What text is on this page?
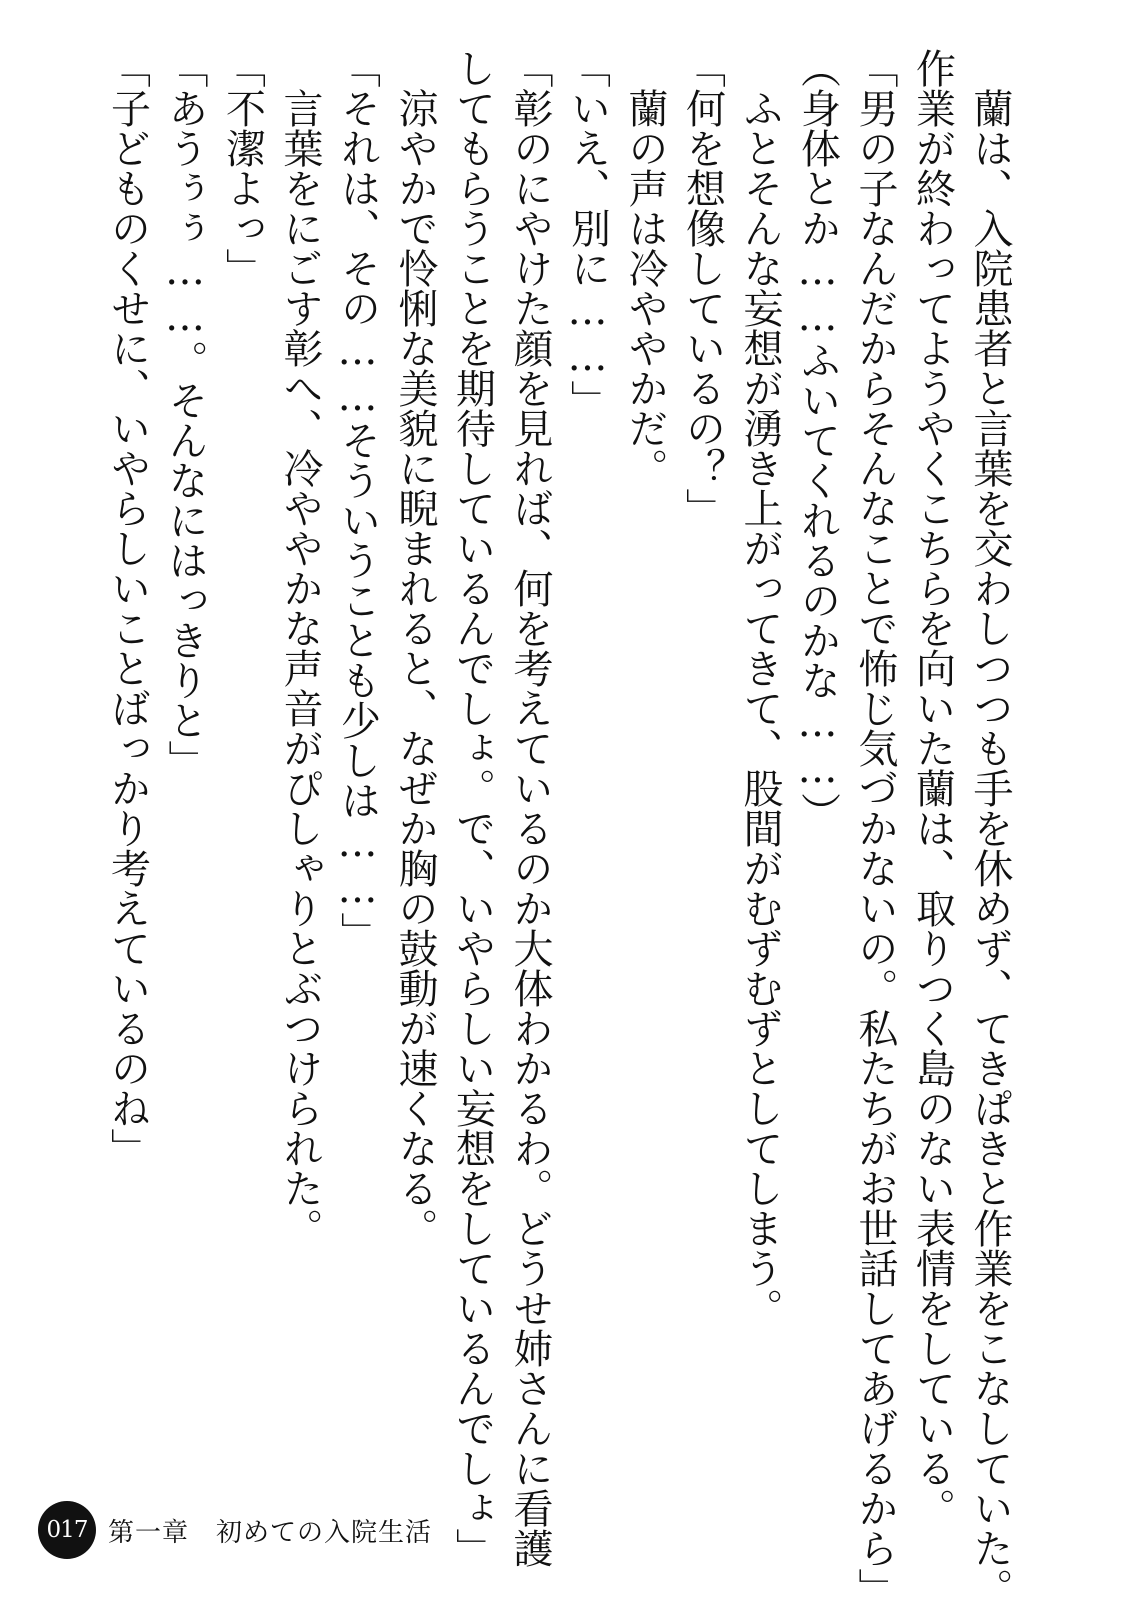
　蘭は、入院患者と言葉を交わしつつも手を休めず、てきぱきと作業をこなしていた。
作業が終わってようやくこちらを向いた蘭は、取りつく島のない表情をしている。
「男の子なんだからそんなことで怖じ気づかないの。私たちがお世話してあげるから」
（身体とか……ふいてくれるのかな……）
　ふとそんな妄想が湧き上がってきて、股間がむずむずとしてしまう。
「何を想像しているの？」
　蘭の声は冷ややかだ。
「いえ、別に……」
「彰のにやけた顔を見れば、何を考えているのか大体わかるわ。どうせ姉さんに看護
してもらうことを期待しているんでしょ。で、いやらしい妄想をしているんでしょ」
　涼やかで怜悧な美貌に睨まれると、なぜか胸の鼓動が速くなる。
「それは、その……そういうことも少しは……」
　言葉をにごす彰へ、冷ややかな声音がぴしゃりとぶつけられた。
「不潔よっ」
「あうぅぅ……。そんなにはっきりと」
「子どものくせに、いやらしいことばっかり考えているのね」
017 第一章　初めての入院生活
